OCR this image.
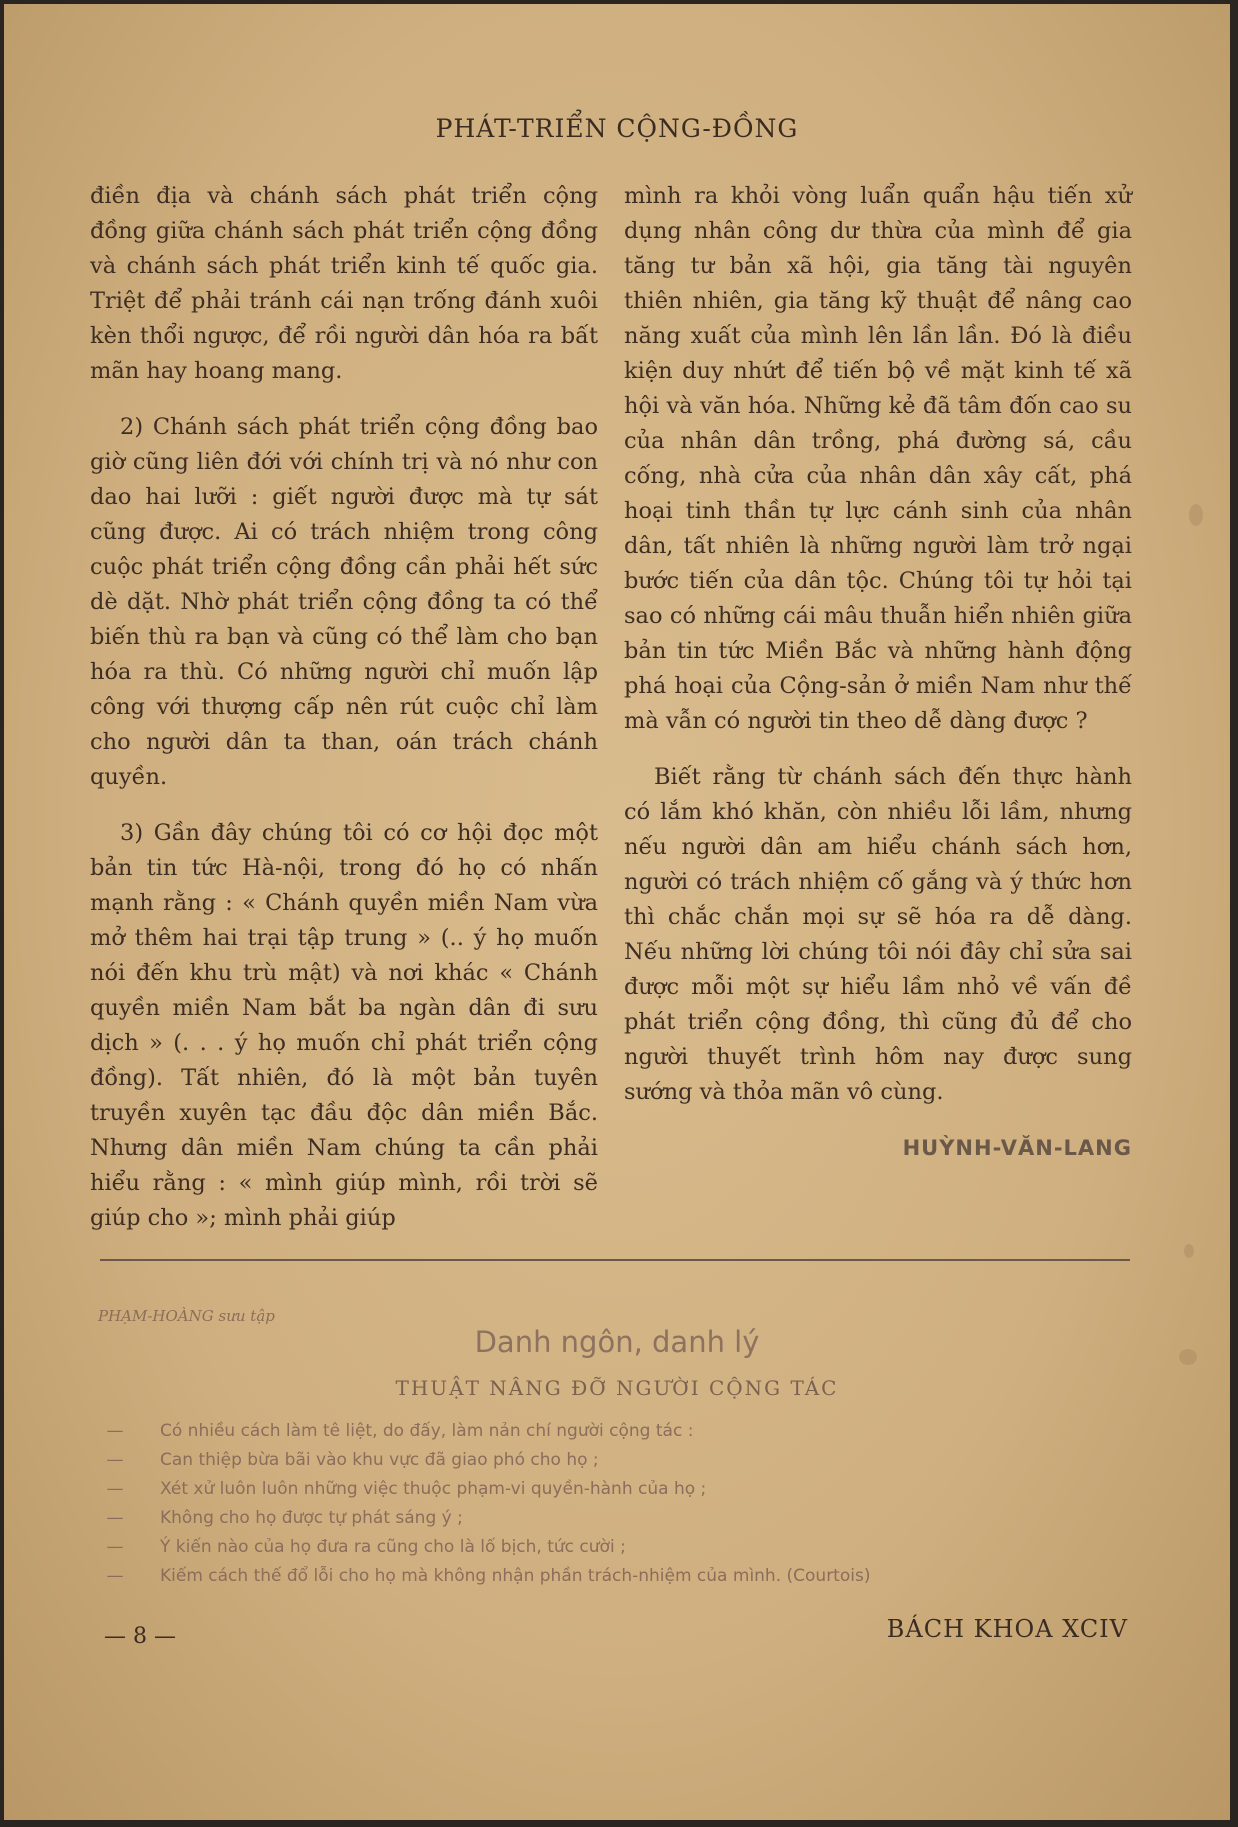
PHÁT-TRIỂN CỘNG-ĐỒNG

điền địa và chánh sách phát triển cộng đồng giữa chánh sách phát triển cộng đồng và chánh sách phát triển kinh tế quốc gia. Triệt để phải tránh cái nạn trống đánh xuôi kèn thổi ngược, để rồi người dân hóa ra bất mãn hay hoang mang.

2) Chánh sách phát triển cộng đồng bao giờ cũng liên đới với chính trị và nó như con dao hai lưỡi : giết người được mà tự sát cũng được. Ai có trách nhiệm trong công cuộc phát triển cộng đồng cần phải hết sức dè dặt. Nhờ phát triển cộng đồng ta có thể biến thù ra bạn và cũng có thể làm cho bạn hóa ra thù. Có những người chỉ muốn lập công với thượng cấp nên rút cuộc chỉ làm cho người dân ta than, oán trách chánh quyền.

3) Gần đây chúng tôi có cơ hội đọc một bản tin tức Hà-nội, trong đó họ có nhấn mạnh rằng : « Chánh quyền miền Nam vừa mở thêm hai trại tập trung » (.. ý họ muốn nói đến khu trù mật) và nơi khác « Chánh quyền miền Nam bắt ba ngàn dân đi sưu dịch » (. . . ý họ muốn chỉ phát triển cộng đồng). Tất nhiên, đó là một bản tuyên truyền xuyên tạc đầu độc dân miền Bắc. Nhưng dân miền Nam chúng ta cần phải hiểu rằng : « mình giúp mình, rồi trời sẽ giúp cho »; mình phải giúp

mình ra khỏi vòng luẩn quẩn hậu tiến xử dụng nhân công dư thừa của mình để gia tăng tư bản xã hội, gia tăng tài nguyên thiên nhiên, gia tăng kỹ thuật để nâng cao năng xuất của mình lên lần lần. Đó là điều kiện duy nhứt để tiến bộ về mặt kinh tế xã hội và văn hóa. Những kẻ đã tâm đốn cao su của nhân dân trồng, phá đường sá, cầu cống, nhà cửa của nhân dân xây cất, phá hoại tinh thần tự lực cánh sinh của nhân dân, tất nhiên là những người làm trở ngại bước tiến của dân tộc. Chúng tôi tự hỏi tại sao có những cái mâu thuẫn hiển nhiên giữa bản tin tức Miền Bắc và những hành động phá hoại của Cộng-sản ở miền Nam như thế mà vẫn có người tin theo dễ dàng được ?

Biết rằng từ chánh sách đến thực hành có lắm khó khăn, còn nhiều lỗi lầm, nhưng nếu người dân am hiểu chánh sách hơn, người có trách nhiệm cố gắng và ý thức hơn thì chắc chắn mọi sự sẽ hóa ra dễ dàng. Nếu những lời chúng tôi nói đây chỉ sửa sai được mỗi một sự hiểu lầm nhỏ về vấn đề phát triển cộng đồng, thì cũng đủ để cho người thuyết trình hôm nay được sung sướng và thỏa mãn vô cùng.

HUỲNH-VĂN-LANG
PHẠM-HOÀNG sưu tập
Danh ngôn, danh lý
THUẬT NÂNG ĐỠ NGƯỜI CỘNG TÁC
—	Có nhiều cách làm tê liệt, do đấy, làm nản chí người cộng tác :
—	Can thiệp bừa bãi vào khu vực đã giao phó cho họ ;
—	Xét xử luôn luôn những việc thuộc phạm-vi quyền-hành của họ ;
—	Không cho họ được tự phát sáng ý ;
—	Ý kiến nào của họ đưa ra cũng cho là lố bịch, tức cười ;
—	Kiếm cách thế đổ lỗi cho họ mà không nhận phần trách-nhiệm của mình. (Courtois)
— 8 —	BÁCH KHOA XCIV
